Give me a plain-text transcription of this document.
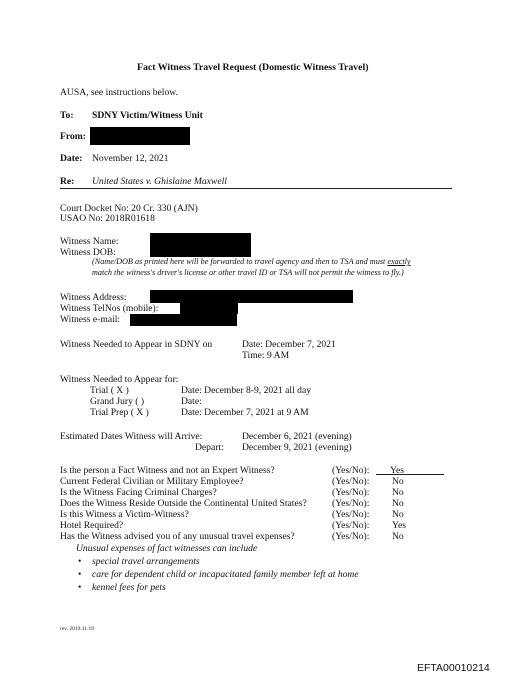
Fact Witness Travel Request (Domestic Witness Travel)
AUSA, see instructions below.
To: SDNY Victim/Witness Unit
From:
Date: November 12, 2021
Re: United States v. Ghislaine Maxwell
Court Docket No: 20 Cr. 330 (AJN)
USAO No: 2018R01618
Witness Name:
Witness DOB:
(Name/DOB as printed here will be forwarded to travel agency and then to TSA and must exactly
match the witness's driver's license or other travel ID or TSA will not permit the witness to fly.)
Witness Address:
Witness TelNos (mobile):
Witness e-mail:
Witness Needed to Appear in SDNY on	Date: December 7, 2021
Time: 9 AM
Witness Needed to Appear for:
Trial ( X )	Date: December 8-9, 2021 all day
Grand Jury ( )	Date:
Trial Prep ( X )	Date: December 7, 2021 at 9 AM
Estimated Dates Witness will Arrive:	December 6, 2021 (evening)
Depart: December 9, 2021 (evening)
Is the person a Fact Witness and not an Expert Witness?	(Yes/No): Yes
Current Federal Civilian or Military Employee?	(Yes/No): No
Is the Witness Facing Criminal Charges?	(Yes/No): No
Does the Witness Reside Outside the Continental United States?	(Yes/No): No
Is this Witness a Victim-Witness?	(Yes/No): No
Hotel Required?	(Yes/No): Yes
Has the Witness advised you of any unusual travel expenses?	(Yes/No): No
Unusual expenses of fact witnesses can include
• special travel arrangements
• care for dependent child or incapacitated family member left at home
• kennel fees for pets
rev. 2019.11.19
EFTA00010214
